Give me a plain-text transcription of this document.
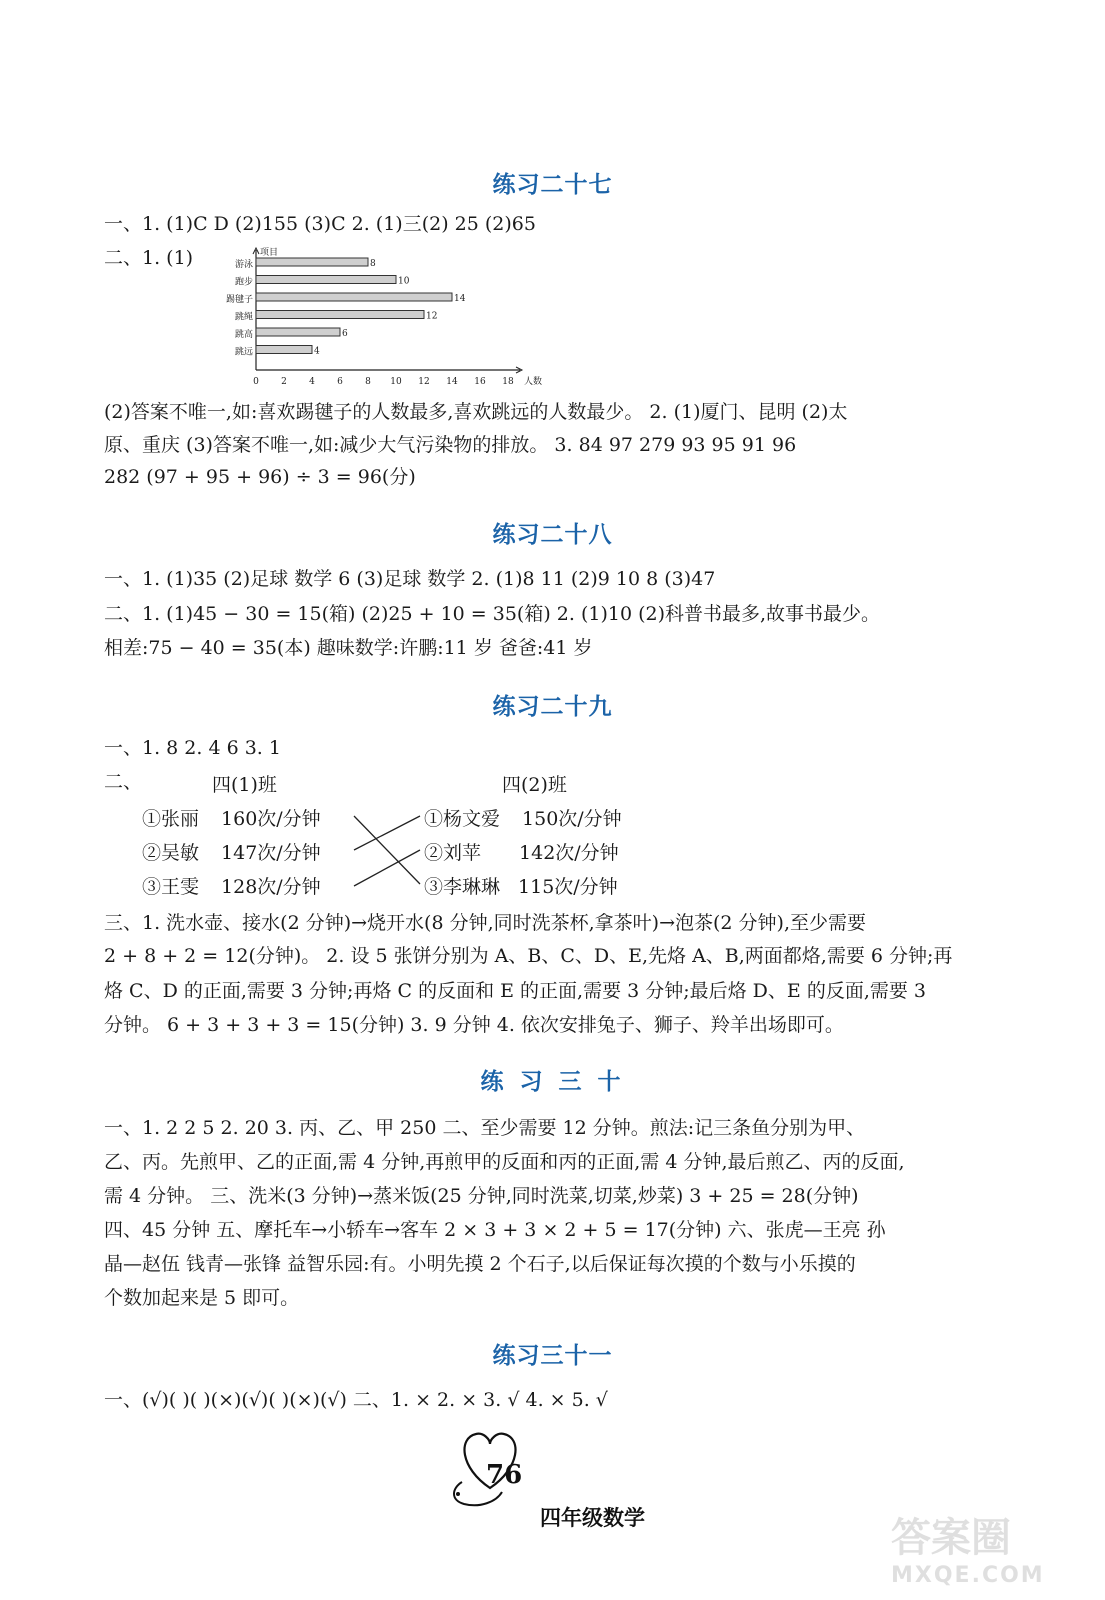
练习二十七
一、1. (1)C D (2)155 (3)C 2. (1)三(2) 25 (2)65
二、1. (1)	项目
人数
0 2 4 6 8 10 12 14 16 18
游泳	8
跑步	10
踢毽子	14
跳绳	12
跳高	6
跳远	4
(2)答案不唯一,如:喜欢踢毽子的人数最多,喜欢跳远的人数最少。 2. (1)厦门、昆明 (2)太
原、重庆 (3)答案不唯一,如:减少大气污染物的排放。 3. 84 97 279 93 95 91 96
282 (97 + 95 + 96) ÷ 3 = 96(分)
练习二十八
一、1. (1)35 (2)足球 数学 6 (3)足球 数学 2. (1)8 11 (2)9 10 8 (3)47
二、1. (1)45 − 30 = 15(箱) (2)25 + 10 = 35(箱) 2. (1)10 (2)科普书最多,故事书最少。
相差:75 − 40 = 35(本) 趣味数学:许鹏:11 岁 爸爸:41 岁
练习二十九
一、1. 8 2. 4 6 3. 1
二、	四(1)班	四(2)班
①张丽 160次/分钟
②吴敏 147次/分钟
③王雯 128次/分钟
①杨文爱 150次/分钟
②刘苹 142次/分钟
③李琳琳 115次/分钟
三、1. 洗水壶、接水(2 分钟)→烧开水(8 分钟,同时洗茶杯,拿茶叶)→泡茶(2 分钟),至少需要
2 + 8 + 2 = 12(分钟)。 2. 设 5 张饼分别为 A、B、C、D、E,先烙 A、B,两面都烙,需要 6 分钟;再
烙 C、D 的正面,需要 3 分钟;再烙 C 的反面和 E 的正面,需要 3 分钟;最后烙 D、E 的反面,需要 3
分钟。 6 + 3 + 3 + 3 = 15(分钟) 3. 9 分钟 4. 依次安排兔子、狮子、羚羊出场即可。
练 习 三 十
一、1. 2 2 5 2. 20 3. 丙、乙、甲 250 二、至少需要 12 分钟。煎法:记三条鱼分别为甲、
乙、丙。先煎甲、乙的正面,需 4 分钟,再煎甲的反面和丙的正面,需 4 分钟,最后煎乙、丙的反面,
需 4 分钟。 三、洗米(3 分钟)→蒸米饭(25 分钟,同时洗菜,切菜,炒菜) 3 + 25 = 28(分钟)
四、45 分钟 五、摩托车→小轿车→客车 2 × 3 + 3 × 2 + 5 = 17(分钟) 六、张虎—王亮 孙
晶—赵伍 钱青—张锋 益智乐园:有。小明先摸 2 个石子,以后保证每次摸的个数与小乐摸的
个数加起来是 5 即可。
练习三十一
一、(√)( )( )(×)(√)( )(×)(√) 二、1. × 2. × 3. √ 4. × 5. √
76
四年级数学	答案圈
MXQE.COM
